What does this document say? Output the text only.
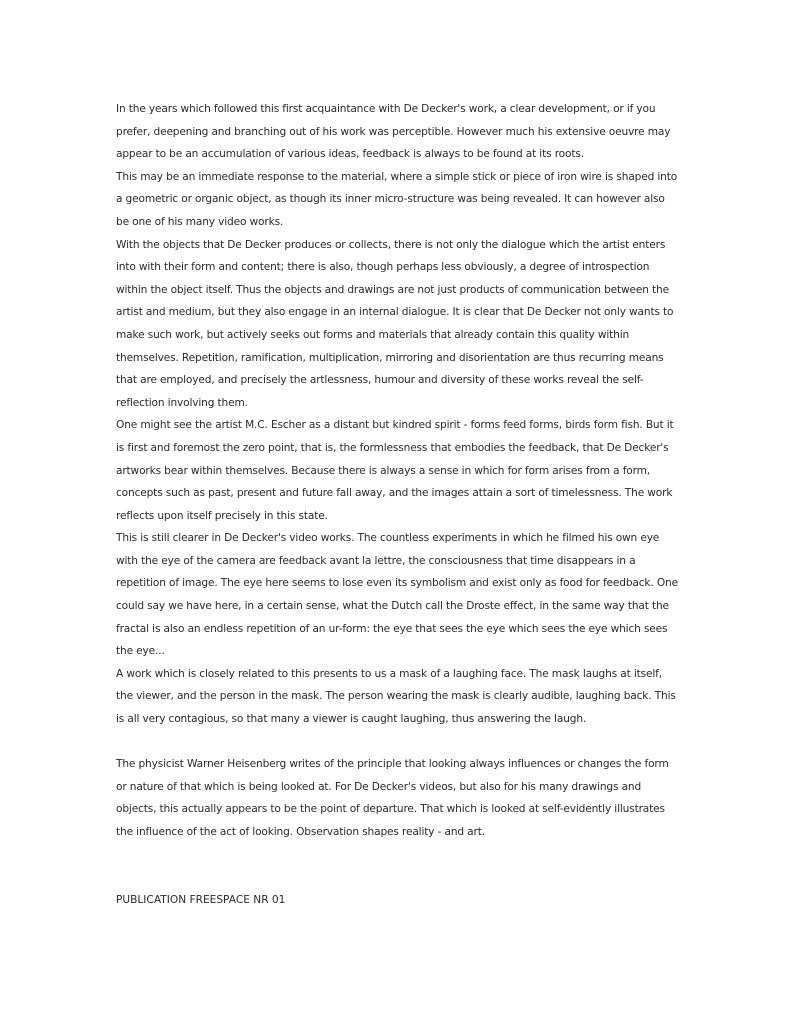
In the years which followed this first acquaintance with De Decker's work, a clear development, or if you prefer, deepening and branching out of his work was perceptible. However much his extensive oeuvre may appear to be an accumulation of various ideas, feedback is always to be found at its roots.

This may be an immediate response to the material, where a simple stick or piece of iron wire is shaped into a geometric or organic object, as though its inner micro-structure was being revealed. It can however also be one of his many video works.

With the objects that De Decker produces or collects, there is not only the dialogue which the artist enters into with their form and content; there is also, though perhaps less obviously, a degree of introspection within the object itself. Thus the objects and drawings are not just products of communication between the artist and medium, but they also engage in an internal dialogue. It is clear that De Decker not only wants to make such work, but actively seeks out forms and materials that already contain this quality within themselves. Repetition, ramification, multiplication, mirroring and disorientation are thus recurring means that are employed, and precisely the artlessness, humour and diversity of these works reveal the self-reflection involving them.

One might see the artist M.C. Escher as a distant but kindred spirit - forms feed forms, birds form fish. But it is first and foremost the zero point, that is, the formlessness that embodies the feedback, that De Decker's artworks bear within themselves. Because there is always a sense in which for form arises from a form, concepts such as past, present and future fall away, and the images attain a sort of timelessness. The work reflects upon itself precisely in this state.

This is still clearer in De Decker's video works. The countless experiments in which he filmed his own eye with the eye of the camera are feedback avant la lettre, the consciousness that time disappears in a repetition of image. The eye here seems to lose even its symbolism and exist only as food for feedback. One could say we have here, in a certain sense, what the Dutch call the Droste effect, in the same way that the fractal is also an endless repetition of an ur-form: the eye that sees the eye which sees the eye which sees the eye...

A work which is closely related to this presents to us a mask of a laughing face. The mask laughs at itself, the viewer, and the person in the mask. The person wearing the mask is clearly audible, laughing back. This is all very contagious, so that many a viewer is caught laughing, thus answering the laugh.

The physicist Warner Heisenberg writes of the principle that looking always influences or changes the form or nature of that which is being looked at. For De Decker's videos, but also for his many drawings and objects, this actually appears to be the point of departure. That which is looked at self-evidently illustrates the influence of the act of looking. Observation shapes reality - and art.

PUBLICATION FREESPACE NR 01
